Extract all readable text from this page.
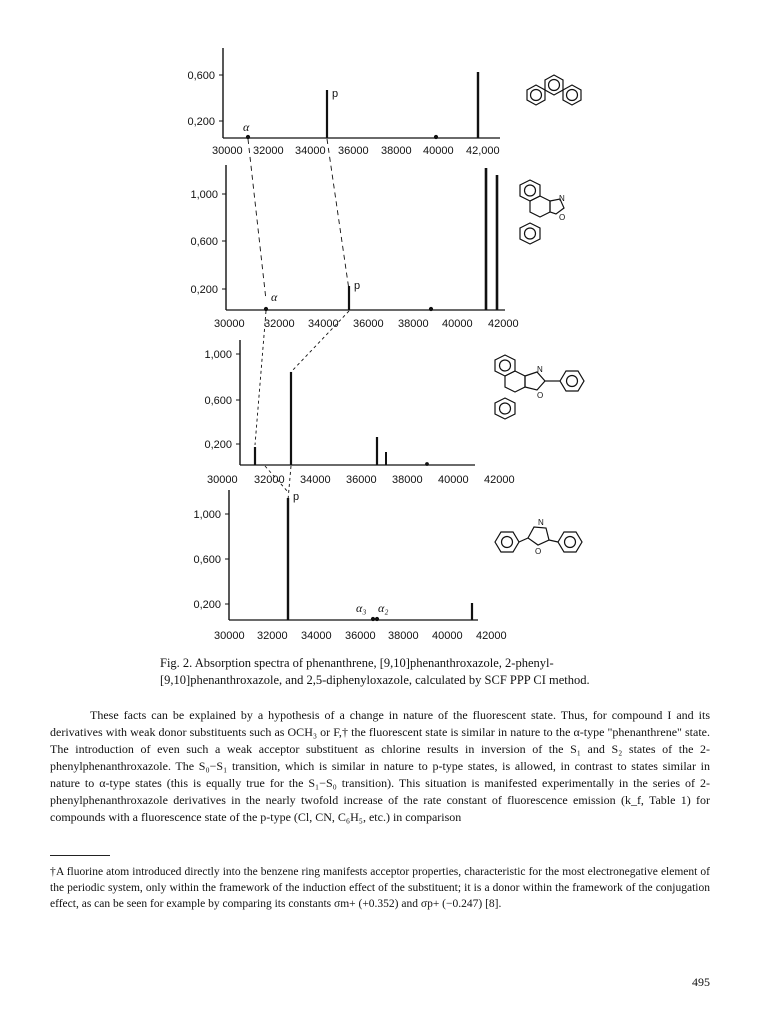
0,600
0,200 α
p
30000 32000 34000 36000 38000 40000 42,000
1,000
0,600
0,200	α
p
30000 32000 34000 36000 38000 40000 42000
N
O
1,000
0,600
0,200
30000 32000 34000 36000 38000 40000 42000
N
O
1,000
0,600
0,200
p
α₃ α₂
30000 32000 34000 36000 38000 40000 42000
N
O
Fig. 2. Absorption spectra of phenanthrene, [9,10]phenanthroxazole, 2-phenyl-[9,10]phenanthroxazole, and 2,5-diphenyloxazole, calculated by SCF PPP CI method.
These facts can be explained by a hypothesis of a change in nature of the fluorescent state. Thus, for compound I and its derivatives with weak donor substituents such as OCH₃ or F,† the fluorescent state is similar in nature to the α-type "phenanthrene" state. The introduction of even such a weak acceptor substituent as chlorine results in inversion of the S₁ and S₂ states of the 2-phenylphenanthroxazole. The S₀−S₁ transition, which is similar in nature to p-type states, is allowed, in contrast to states similar in nature to α-type states (this is equally true for the S₁−S₀ transition). This situation is manifested experimentally in the series of 2-phenylphenanthroxazole derivatives in the nearly twofold increase of the rate constant of fluorescence emission (k_f, Table 1) for compounds with a fluorescence state of the p-type (Cl, CN, C₆H₅, etc.) in comparison
†A fluorine atom introduced directly into the benzene ring manifests acceptor properties, characteristic for the most electronegative element of the periodic system, only within the framework of the induction effect of the substituent; it is a donor within the framework of the conjugation effect, as can be seen for example by comparing its constants σm+ (+0.352) and σp+ (−0.247) [8].
495
